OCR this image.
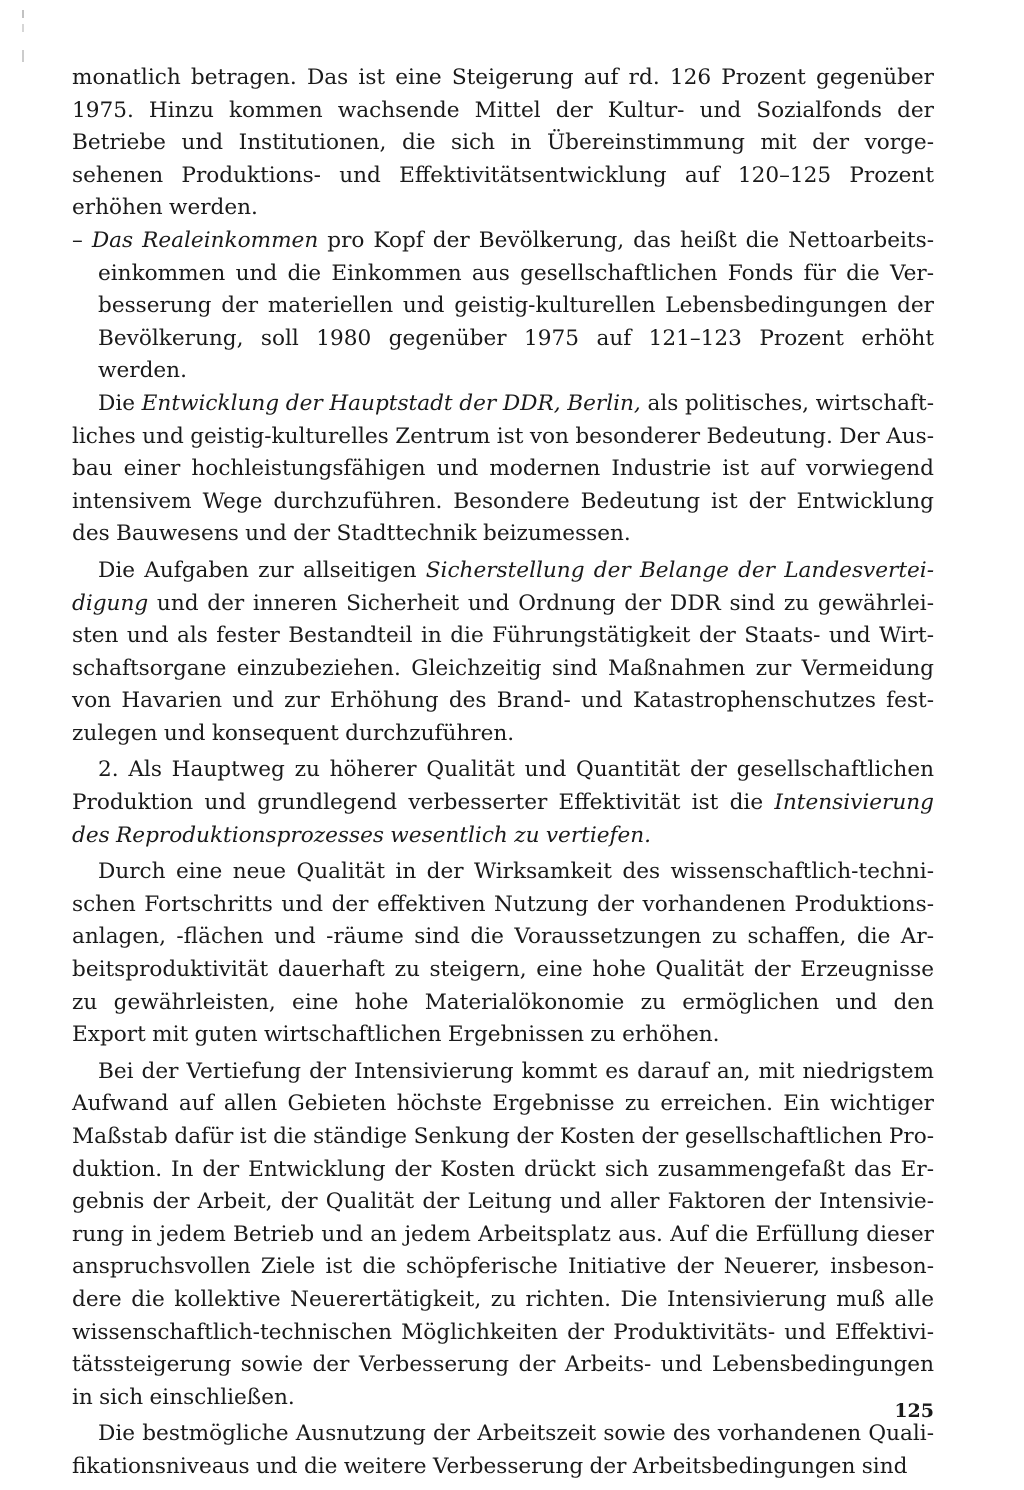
monatlich betragen. Das ist eine Steigerung auf rd. 126 Prozent gegenüber 1975. Hinzu kommen wachsende Mittel der Kultur- und Sozialfonds der Betriebe und Institutionen, die sich in Übereinstimmung mit der vorgesehenen Produktions- und Effektivitätsentwicklung auf 120–125 Prozent erhöhen werden.

– Das Realeinkommen pro Kopf der Bevölkerung, das heißt die Nettoarbeitseinkommen und die Einkommen aus gesellschaftlichen Fonds für die Verbesserung der materiellen und geistig-kulturellen Lebensbedingungen der Bevölkerung, soll 1980 gegenüber 1975 auf 121–123 Prozent erhöht werden.

Die Entwicklung der Hauptstadt der DDR, Berlin, als politisches, wirtschaftliches und geistig-kulturelles Zentrum ist von besonderer Bedeutung. Der Ausbau einer hochleistungsfähigen und modernen Industrie ist auf vorwiegend intensivem Wege durchzuführen. Besondere Bedeutung ist der Entwicklung des Bauwesens und der Stadttechnik beizumessen.

Die Aufgaben zur allseitigen Sicherstellung der Belange der Landesverteidigung und der inneren Sicherheit und Ordnung der DDR sind zu gewährleisten und als fester Bestandteil in die Führungstätigkeit der Staats- und Wirtschaftsorgane einzubeziehen. Gleichzeitig sind Maßnahmen zur Vermeidung von Havarien und zur Erhöhung des Brand- und Katastrophenschutzes festzulegen und konsequent durchzuführen.

2. Als Hauptweg zu höherer Qualität und Quantität der gesellschaftlichen Produktion und grundlegend verbesserter Effektivität ist die Intensivierung des Reproduktionsprozesses wesentlich zu vertiefen.

Durch eine neue Qualität in der Wirksamkeit des wissenschaftlich-technischen Fortschritts und der effektiven Nutzung der vorhandenen Produktionsanlagen, -flächen und -räume sind die Voraussetzungen zu schaffen, die Arbeitsproduktivität dauerhaft zu steigern, eine hohe Qualität der Erzeugnisse zu gewährleisten, eine hohe Materialökonomie zu ermöglichen und den Export mit guten wirtschaftlichen Ergebnissen zu erhöhen.

Bei der Vertiefung der Intensivierung kommt es darauf an, mit niedrigstem Aufwand auf allen Gebieten höchste Ergebnisse zu erreichen. Ein wichtiger Maßstab dafür ist die ständige Senkung der Kosten der gesellschaftlichen Produktion. In der Entwicklung der Kosten drückt sich zusammengefaßt das Ergebnis der Arbeit, der Qualität der Leitung und aller Faktoren der Intensivierung in jedem Betrieb und an jedem Arbeitsplatz aus. Auf die Erfüllung dieser anspruchsvollen Ziele ist die schöpferische Initiative der Neuerer, insbesondere die kollektive Neuerertätigkeit, zu richten. Die Intensivierung muß alle wissenschaftlich-technischen Möglichkeiten der Produktivitäts- und Effektivitätssteigerung sowie der Verbesserung der Arbeits- und Lebensbedingungen in sich einschließen.

Die bestmögliche Ausnutzung der Arbeitszeit sowie des vorhandenen Qualifikationsniveaus und die weitere Verbesserung der Arbeitsbedingungen sind

125
